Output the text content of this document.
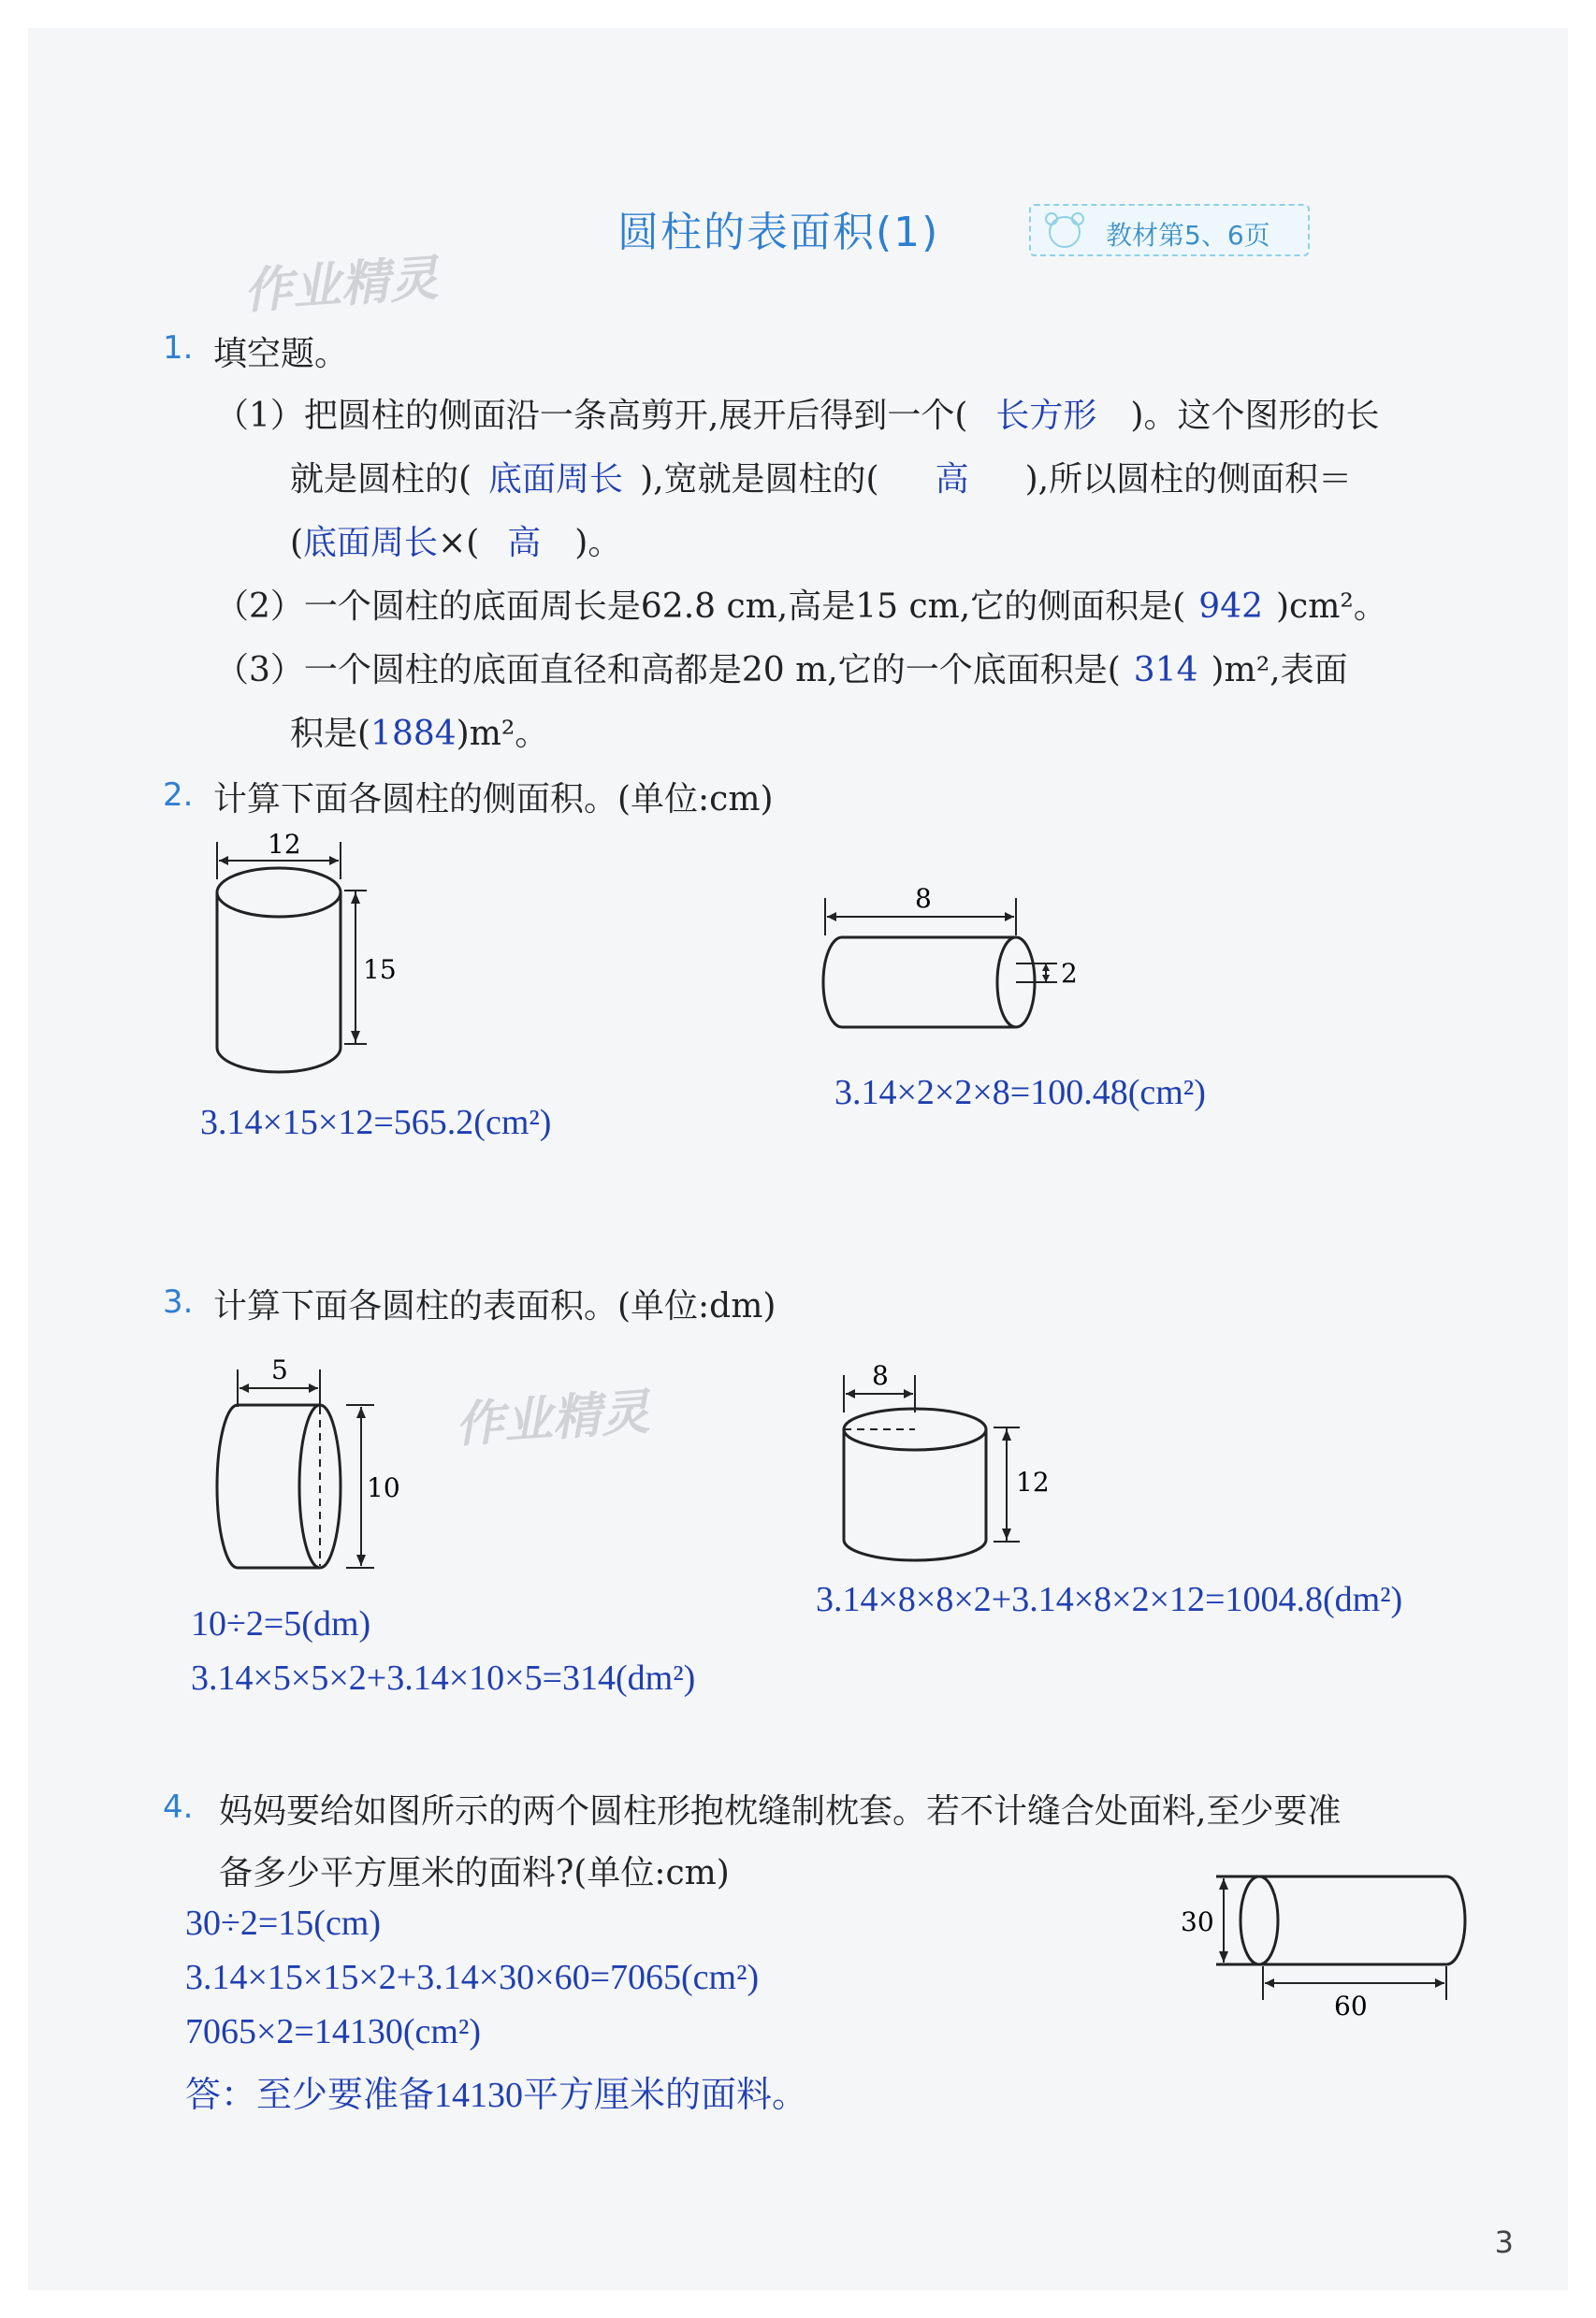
圆柱的表面积(1)	教材第5、6页
作业精灵
1. 填空题。
（1）把圆柱的侧面沿一条高剪开,展开后得到一个( 长方形 )。这个图形的长
就是圆柱的( 底面周长 ),宽就是圆柱的( 高 ),所以圆柱的侧面积＝
(底面周长×( 高 )。
（2）一个圆柱的底面周长是62.8 cm,高是15 cm,它的侧面积是( 942 )cm²。
（3）一个圆柱的底面直径和高都是20 m,它的一个底面积是( 314 )m²,表面
积是(1884)m²。
2. 计算下面各圆柱的侧面积。(单位:cm)
12
15
8
2
3.14×15×12=565.2(cm²)
3.14×2×2×8=100.48(cm²)
3. 计算下面各圆柱的表面积。(单位:dm)
5
10
作业精灵
8
12
10÷2=5(dm)
3.14×5×5×2+3.14×10×5=314(dm²)
3.14×8×8×2+3.14×8×2×12=1004.8(dm²)
4. 妈妈要给如图所示的两个圆柱形抱枕缝制枕套。若不计缝合处面料,至少要准
备多少平方厘米的面料?(单位:cm)
30
60
30÷2=15(cm)
3.14×15×15×2+3.14×30×60=7065(cm²)
7065×2=14130(cm²)
答：至少要准备14130平方厘米的面料。
3
